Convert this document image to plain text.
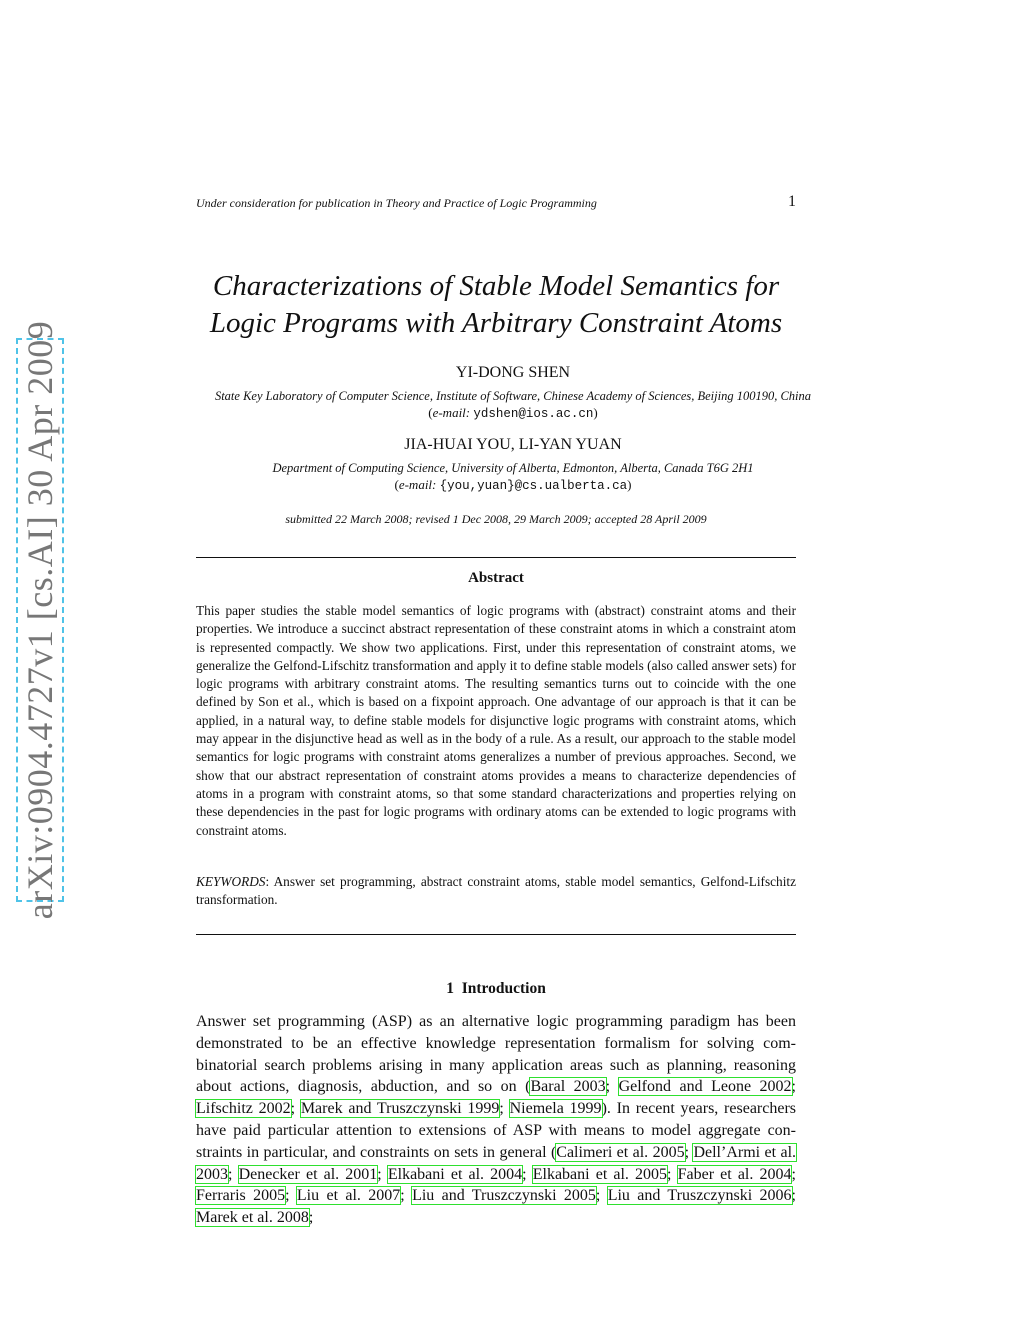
arXiv:0904.4727v1 [cs.AI] 30 Apr 2009
Under consideration for publication in Theory and Practice of Logic Programming	1
Characterizations of Stable Model Semantics for
Logic Programs with Arbitrary Constraint Atoms
YI-DONG SHEN
State Key Laboratory of Computer Science, Institute of Software, Chinese Academy of Sciences, Beijing 100190, China
(e-mail: ydshen@ios.ac.cn)
JIA-HUAI YOU, LI-YAN YUAN
Department of Computing Science, University of Alberta, Edmonton, Alberta, Canada T6G 2H1
(e-mail: {you,yuan}@cs.ualberta.ca)
submitted 22 March 2008; revised 1 Dec 2008, 29 March 2009; accepted 28 April 2009
Abstract
This paper studies the stable model semantics of logic programs with (abstract) constraint atoms and their properties. We introduce a succinct abstract representation of these constraint atoms in which a constraint atom is represented compactly. We show two applications. First, under this representation of constraint atoms, we generalize the Gelfond-Lifschitz transformation and apply it to define stable models (also called answer sets) for logic programs with arbitrary constraint atoms. The resulting semantics turns out to coincide with the one defined by Son et al., which is based on a fixpoint approach. One advantage of our approach is that it can be applied, in a natural way, to define stable models for disjunctive logic programs with constraint atoms, which may appear in the disjunctive head as well as in the body of a rule. As a result, our approach to the stable model semantics for logic programs with constraint atoms generalizes a number of previous approaches. Second, we show that our abstract representation of constraint atoms provides a means to characterize dependencies of atoms in a program with constraint atoms, so that some standard characterizations and properties relying on these dependencies in the past for logic programs with ordinary atoms can be extended to logic programs with constraint atoms.
KEYWORDS: Answer set programming, abstract constraint atoms, stable model semantics, Gelfond-Lifschitz transformation.
1 Introduction
Answer set programming (ASP) as an alternative logic programming paradigm has been demonstrated to be an effective knowledge representation formalism for solving combinatorial search problems arising in many application areas such as planning, reasoning about actions, diagnosis, abduction, and so on (Baral 2003; Gelfond and Leone 2002; Lifschitz 2002; Marek and Truszczynski 1999; Niemela 1999). In recent years, researchers have paid particular attention to extensions of ASP with means to model aggregate constraints in particular, and constraints on sets in general (Calimeri et al. 2005; Dell’Armi et al. 2003; Denecker et al. 2001; Elkabani et al. 2004; Elkabani et al. 2005; Faber et al. 2004; Ferraris 2005; Liu et al. 2007; Liu and Truszczynski 2005; Liu and Truszczynski 2006; Marek et al. 2008;
